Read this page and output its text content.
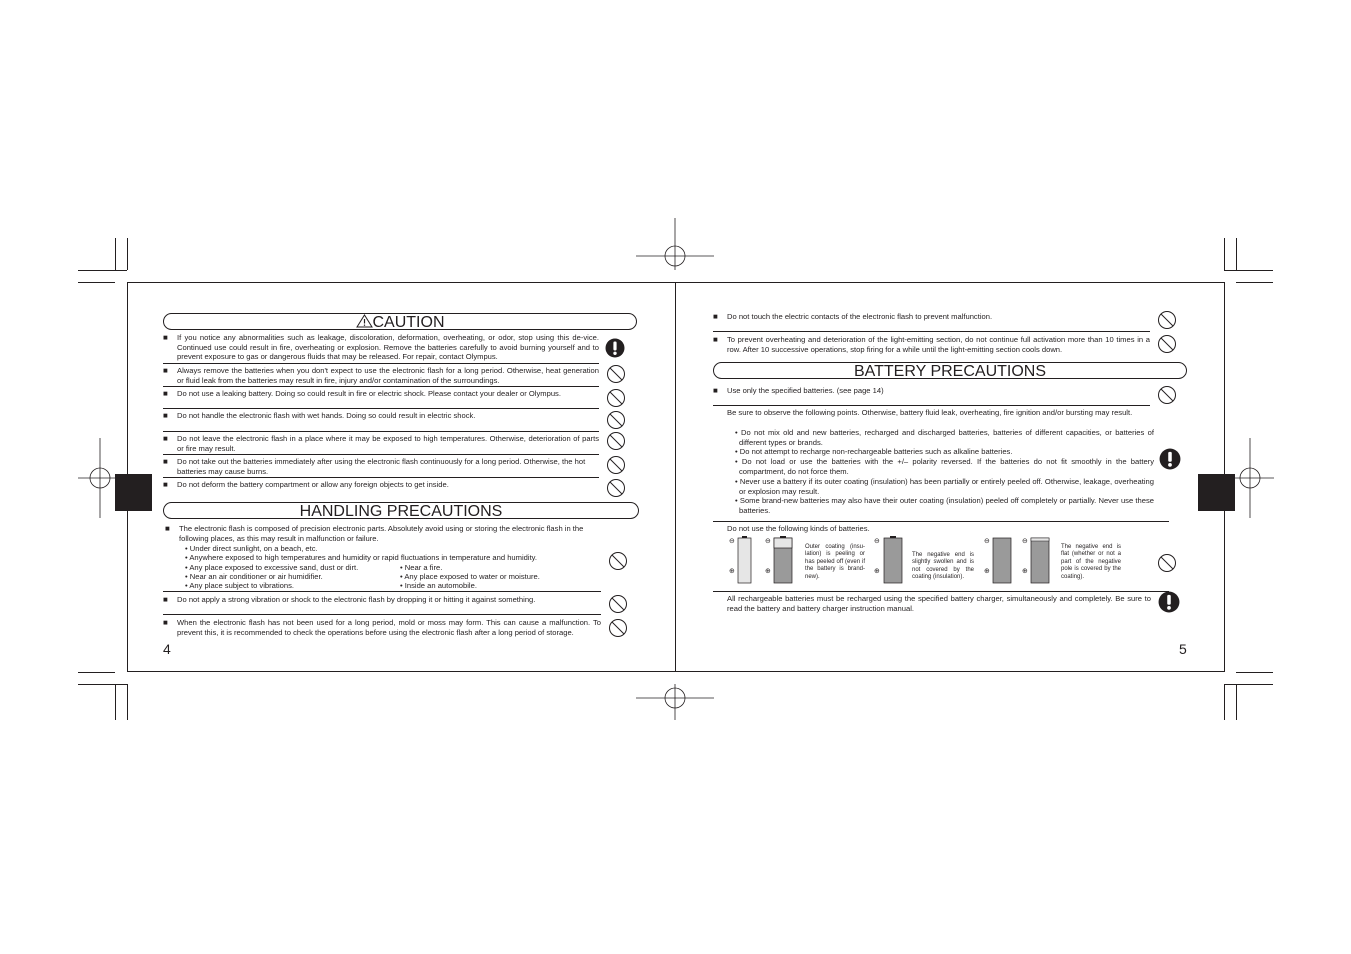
CAUTION
■ If you notice any abnormalities such as leakage, discoloration, deformation, overheating, or odor, stop using this de-vice. Continued use could result in fire, overheating or explosion. Remove the batteries carefully to avoid burning yourself and to prevent exposure to gas or dangerous fluids that may be released. For repair, contact Olympus.
■ Always remove the batteries when you don't expect to use the electronic flash for a long period. Otherwise, heat generation or fluid leak from the batteries may result in fire, injury and/or contamination of the surroundings.
■ Do not use a leaking battery. Doing so could result in fire or electric shock. Please contact your dealer or Olympus.
■ Do not handle the electronic flash with wet hands. Doing so could result in electric shock.
■ Do not leave the electronic flash in a place where it may be exposed to high temperatures. Otherwise, deterioration of parts or fire may result.
■ Do not take out the batteries immediately after using the electronic flash continuously for a long period. Otherwise, the hot batteries may cause burns.
■ Do not deform the battery compartment or allow any foreign objects to get inside.
HANDLING PRECAUTIONS
■ The electronic flash is composed of precision electronic parts. Absolutely avoid using or storing the electronic flash in the following places, as this may result in malfunction or failure.
• Under direct sunlight, on a beach, etc.
• Anywhere exposed to high temperatures and humidity or rapid fluctuations in temperature and humidity.
• Any place exposed to excessive sand, dust or dirt.	• Near a fire.
• Near an air conditioner or air humidifier.	• Any place exposed to water or moisture.
• Any place subject to vibrations.	• Inside an automobile.
■ Do not apply a strong vibration or shock to the electronic flash by dropping it or hitting it against something.
■ When the electronic flash has not been used for a long period, mold or moss may form. This can cause a malfunction. To prevent this, it is recommended to check the operations before using the electronic flash after a long period of storage.
4
■ Do not touch the electric contacts of the electronic flash to prevent malfunction.
■ To prevent overheating and deterioration of the light-emitting section, do not continue full activation more than 10 times in a row. After 10 successive operations, stop firing for a while until the light-emitting section cools down.
BATTERY PRECAUTIONS
■ Use only the specified batteries. (see page 14)
Be sure to observe the following points. Otherwise, battery fluid leak, overheating, fire ignition and/or bursting may result.
• Do not mix old and new batteries, recharged and discharged batteries, batteries of different capacities, or batteries of different types or brands.
• Do not attempt to recharge non-rechargeable batteries such as alkaline batteries.
• Do not load or use the batteries with the +/– polarity reversed. If the batteries do not fit smoothly in the battery compartment, do not force them.
• Never use a battery if its outer coating (insulation) has been partially or entirely peeled off. Otherwise, leakage, overheating or explosion may result.
• Some brand-new batteries may also have their outer coating (insulation) peeled off completely or partially. Never use these batteries.
Do not use the following kinds of batteries.
⊖
⊕
⊖
⊕
Outer coating (insu-lation) is peeling or has peeled off (even if the battery is brand-new).
⊖
⊕
The negative end is slightly swollen and is not covered by the coating (insulation).
⊖
⊕
⊖
⊕
The negative end is flat (whether or not a part of the negative pole is covered by the coating).
All rechargeable batteries must be recharged using the specified battery charger, simultaneously and completely. Be sure to read the battery and battery charger instruction manual.
5
